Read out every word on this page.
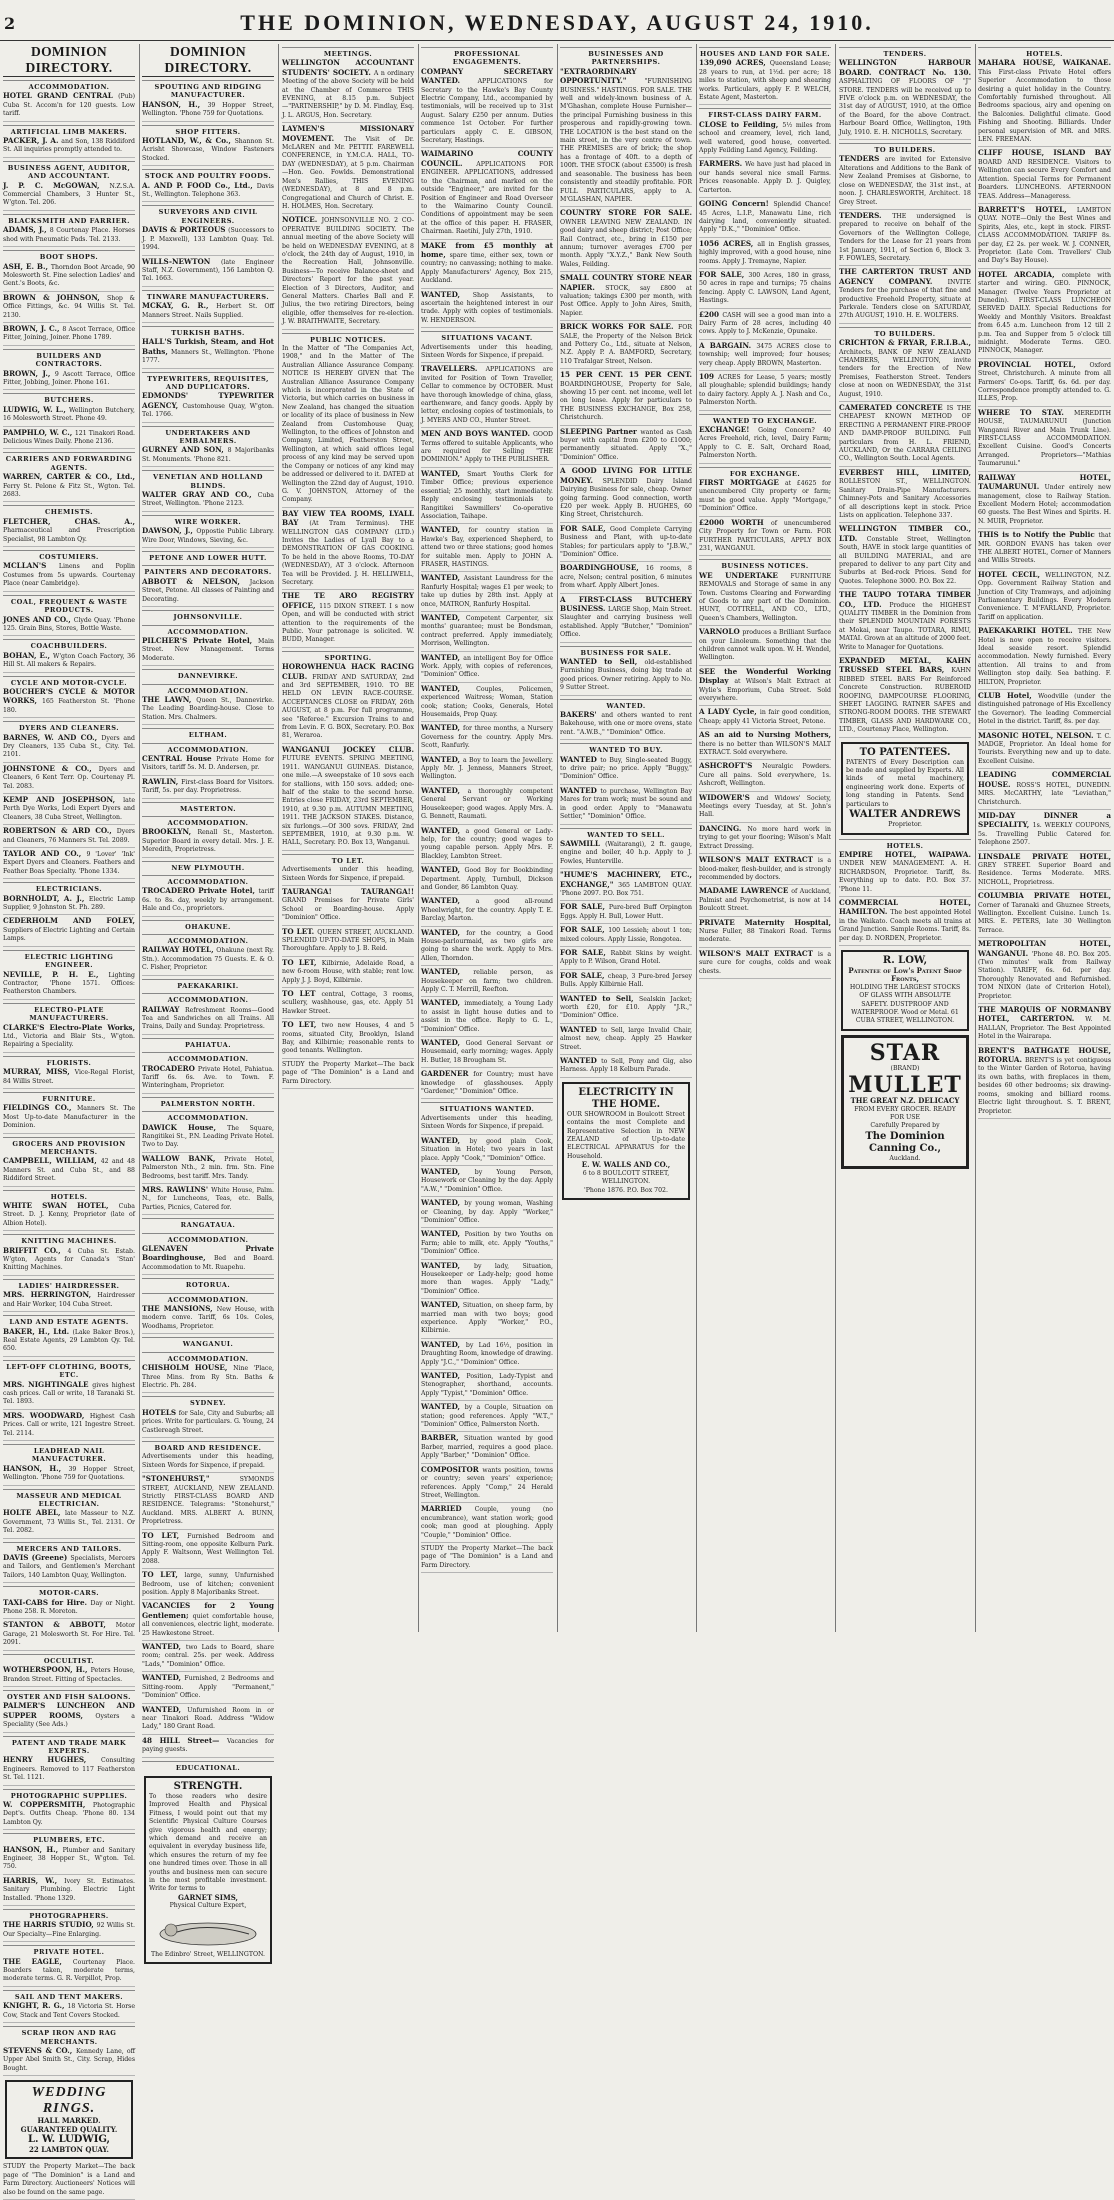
2	THE DOMINION, WEDNESDAY, AUGUST 24, 1910.
DOMINION DIRECTORY.
ACCOMMODATION.
HOTEL GRAND CENTRAL (Pub) Cuba St. Accom'n for 120 guests. Low tariff.
ARTIFICIAL LIMB MAKERS.
PACKER, J. A. and Son, 138 Riddiford St. All inquiries promptly attended to.
BUSINESS AGENT, AUDITOR, AND ACCOUNTANT.
J. P. C. McGOWAN, N.Z.S.A. Commercial Chambers, 3 Hunter St., W'gton. Tel. 206.
BLACKSMITH AND FARRIER.
ADAMS, J., 8 Courtenay Place. Horses shod with Pneumatic Pads. Tel. 2133.
BOOT SHOPS.
ASH, E. B., Thorndon Boot Arcade, 90 Molesworth St. Fine selection Ladies' and Gent.'s Boots, &c.
BROWN & JOHNSON, Shop & Office Fittings, &c. 94 Willis St. Tel. 2130.
BROWN, J. C., 8 Ascot Terrace, Office Fitter, Joining, Joiner. Phone 1789.
BUILDERS AND CONTRACTORS.
BROWN, J., 9 Ascott Terrace, Office Fitter, Jobbing, Joiner. Phone 161.
BUTCHERS.
LUDWIG, W. L., Wellington Butchery, 16 Molesworth Street. Phone 49.
PAMPHLO, W. C., 121 Tinakori Road. Delicious Wines Daily. Phone 2136.
CARRIERS AND FORWARDING AGENTS.
WARREN, CARTER & CO., Ltd., Ferry St. Pelone & Fitz St., Wgton. Tel. 2683.
CHEMISTS.
FLETCHER, CHAS. A., Pharmaceutical and Prescription Specialist, 98 Lambton Qy.
COSTUMIERS.
MCLLAN'S Linens and Poplin Costumes from 5s upwards. Courtenay Place (near Cambridge).
COAL, FREQUENT & WASTE PRODUCTS.
JONES AND CO., Clyde Quay. 'Phone 125. Grain Bins, Stores, Bottle Waste.
COACHBUILDERS.
BOHAN, E., W'gton Coach Factory, 36 Hill St. All makers & Repairs.
CYCLE AND MOTOR-CYCLE.
BOUCHER'S CYCLE & MOTOR WORKS, 165 Featherston St. 'Phone 180.
DYERS AND CLEANERS.
BARNES, W. AND CO., Dyers and Dry Cleaners, 135 Cuba St., City. Tel. 2101.
JOHNSTONE & CO., Dyers and Cleaners, 6 Kent Terr. Op. Courtenay Pl. Tel. 2083.
KEMP AND JOSEPHSON, late Perth Dye Works, Lodi Expert Dyers and Cleaners, 38 Cuba Street, Wellington.
ROBERTSON & ARD CO., Dyers and Cleaners, 76 Manners St. Tel. 2089.
TAYLOR AND CO., 9 'Lover' 'Ink' Expert Dyers and Cleaners. Feathers and Feather Boas Specialty. 'Phone 1334.
ELECTRICIANS.
BORNHOLDT, A. J., Electric Lamp Supplier, 9 Johnston St. Ph. 289.
CEDERHOLM AND FOLEY, Suppliers of Electric Lighting and Certain Lamps.
ELECTRIC LIGHTING ENGINEER.
NEVILLE, P. H. E., Lighting Contractor, 'Phone 1571. Offices: Featherston Chambers.
ELECTRO-PLATE MANUFACTURERS.
CLARKE'S Electro-Plate Works, Ltd., Victoria and Blair Sts., W'gton. Repairing a Speciality.
FLORISTS.
MURRAY, MISS, Vice-Regal Florist, 84 Willis Street.
FURNITURE.
FIELDINGS CO., Manners St. The Most Up-to-date Manufacturer in the Dominion.
GROCERS AND PROVISION MERCHANTS.
CAMPBELL, WILLIAM, 42 and 48 Manners St. and Cuba St., and 88 Riddiford Street.
HOTELS.
WHITE SWAN HOTEL, Cuba Street. D. J. Kenny, Proprietor (late of Albion Hotel).
KNITTING MACHINES.
BRIFFIT CO., 4 Cuba St. Estab. W'gton, Agents for Canada's 'Stan' Knitting Machines.
LADIES' HAIRDRESSER.
MRS. HERRINGTON, Hairdresser and Hair Worker, 104 Cuba Street.
LAND AND ESTATE AGENTS.
BAKER, H., Ltd. (Lake Baker Bros.), Real Estate Agents, 29 Lambton Qy. Tel. 650.
LEFT-OFF CLOTHING, BOOTS, ETC.
MRS. NIGHTINGALE gives highest cash prices. Call or write, 18 Taranaki St. Tel. 1893.
MRS. WOODWARD, Highest Cash Prices. Call or write, 121 Ingestre Street. Tel. 2114.
LEADHEAD NAIL MANUFACTURER.
HANSON, H., 39 Hopper Street, Wellington. 'Phone 759 for Quotations.
MASSEUR AND MEDICAL ELECTRICIAN.
HOLTE ABEL, late Masseur to N.Z. Government, 73 Willis St., Tel. 2131. Or Tel. 2082.
MERCERS AND TAILORS.
DAVIS (Greene) Specialists, Mercers and Tailors, and Gentlemen's Merchant Tailors, 140 Lambton Quay, Wellington.
MOTOR-CARS.
TAXI-CABS for Hire. Day or Night. Phone 258. R. Moreton.
STANTON & ABBOTT, Motor Garage, 21 Molesworth St. For Hire. Tel. 2091.
OCCULTIST.
WOTHERSPOON, H., Peters House, Brandon Street. Fitting of Spectacles.
OYSTER AND FISH SALOONS.
PALMER'S LUNCHEON AND SUPPER ROOMS, Oysters a Speciality (See Ads.)
PATENT AND TRADE MARK EXPERTS.
HENRY HUGHES, Consulting Engineers. Removed to 117 Featherston St. Tel. 1121.
PHOTOGRAPHIC SUPPLIES.
W. COPPERSMITH, Photographic Dept's. Outfits Cheap. 'Phone 80. 134 Lambton Qy.
PLUMBERS, ETC.
HANSON, H., Plumber and Sanitary Engineer, 38 Hopper St., W'gton. Tel. 750.
HARRIS, W., Ivory St. Estimates. Sanitary Plumbing. Electric Light Installed. 'Phone 1329.
PHOTOGRAPHERS.
THE HARRIS STUDIO, 92 Willis St. Our Specialty—Fine Enlarging.
PRIVATE HOTEL.
THE EAGLE, Courtenay Place. Boarders taken, moderate terms, moderate terms. G. R. Verpillot, Prop.
SAIL AND TENT MAKERS.
KNIGHT, R. G., 18 Victoria St. Horse Cow, Stack and Tent Covers Stocked.
SCRAP IRON AND RAG MERCHANTS.
STEVENS & CO., Kennedy Lane, off Upper Abel Smith St., City. Scrap, Hides Bought.
WEDDING RINGS.
HALL MARKED.
GUARANTEED QUALITY.
L. W. LUDWIG,
22 LAMBTON QUAY.
STUDY the Property Market—The back page of "The Dominion" is a Land and Farm Directory. Auctioneers' Notices will also be found on the same page.
DOMINION DIRECTORY.
SPOUTING AND RIDGING MANUFACTURER.
HANSON, H., 39 Hopper Street, Wellington. 'Phone 759 for Quotations.
SHOP FITTERS.
HOTLAND, W., & Co., Shannon St. Acrisht Showcase, Window Fasteners Stocked.
STOCK AND POULTRY FOODS.
A. AND P. FOOD Co., Ltd., Davis St., Wellington. Telephone 363.
SURVEYORS AND CIVIL ENGINEERS.
DAVIS & PORTEOUS (Successors to J. P. Maxwell), 133 Lambton Quay. Tel. 1994.
WILLS-NEWTON (late Engineer Staff, N.Z. Government), 156 Lambton Q. Tel. 1663.
TINWARE MANUFACTURERS.
MCKAY, G. R., Herbert St. Off Manners Street. Nails Supplied.
TURKISH BATHS.
HALL'S Turkish, Steam, and Hot Baths, Manners St., Wellington. 'Phone 1777.
TYPEWRITERS, REQUISITES, AND DUPLICATORS.
EDMONDS' TYPEWRITER AGENCY, Customhouse Quay, W'gton. Tel. 1766.
UNDERTAKERS AND EMBALMERS.
GURNEY AND SON, 8 Majoribanks St. Monuments. 'Phone 821.
VENETIAN AND HOLLAND BLINDS.
WALTER GRAY AND CO., Cuba Street, Wellington. 'Phone 2123.
WIRE WORKER.
DAWSON, J., Oppostie Public Library. Wire Door, Windows, Sieving, &c.
PETONE AND LOWER HUTT.
PAINTERS AND DECORATORS.
ABBOTT & NELSON, Jackson Street, Petone. All classes of Painting and Decorating.
JOHNSONVILLE.
ACCOMMODATION.
PILCHER'S Private Hotel, Main Street. New Management. Terms Moderate.
DANNEVIRKE.
ACCOMMODATION.
THE LAWN, Queen St., Dannevirke. The Leading Boarding-house. Close to Station. Mrs. Chalmers.
ELTHAM.
ACCOMMODATION.
CENTRAL House Private Home for Visitors, tariff 5s. M. D. Andersen, pr.
RAWLIN, First-class Board for Visitors. Tariff, 5s. per day. Proprietress.
MASTERTON.
ACCOMMODATION.
BROOKLYN, Renall St., Masterton. Superior Board in every detail. Mrs. J. E. Meredith, Proprietress.
NEW PLYMOUTH.
ACCOMMODATION.
TROCADERO Private Hotel, tariff 6s. to 8s. day, weekly by arrangement. Hale and Co., proprietors.
OHAKUNE.
ACCOMMODATION.
RAILWAY HOTEL, Ohakune (next Ry. Stn.). Accommodation 75 Guests. E. & O. C. Fisher, Proprietor.
PAEKAKARIKI.
ACCOMMODATION.
RAILWAY Refreshment Rooms—Good Tea and Sandwiches on all Trains. All Trains, Daily and Sunday. Proprietress.
PAHIATUA.
ACCOMMODATION.
TROCADERO Private Hotel, Pahiatua. Tariff 6s. 6s. Ave. to Town. F. Winteringham, Proprietor.
PALMERSTON NORTH.
ACCOMMODATION.
DAWICK House, The Square, Rangitikei St., P.N. Leading Private Hotel. Two to Day.
WALLOW BANK, Private Hotel, Palmerston Nth., 2 min. frm. Stn. Fine Bedrooms, best tariff. Mrs. Tandy.
MRS. RAWLINS' White House, Palm. N., for Luncheons, Teas, etc. Balls, Parties, Picnics, Catered for.
RANGATAUA.
ACCOMMODATION.
GLENAVEN Private Boardinghouse, Bed and Board. Accommodation to Mt. Ruapehu.
ROTORUA.
ACCOMMODATION.
THE MANSIONS, New House, with modern conve. Tariff, 6s 10s. Coles, Woodhams, Proprietor.
WANGANUI.
ACCOMMODATION.
CHISHOLM HOUSE, Nine 'Place, Three Mins. from Ry Stn. Baths & Electric. Ph. 284.
SYDNEY.
HOTELS for Sale, City and Suburbs; all prices. Write for particulars. G. Young, 24 Castlereagh Street.
BOARD AND RESIDENCE.
Advertisements under this heading, Sixteen Words for Sixpence, if prepaid.
"STONEHURST," SYMONDS STREET, AUCKLAND, NEW ZEALAND. Strictly FIRST-CLASS BOARD AND RESIDENCE. Telegrams: "Stonehurst," Auckland. MRS. ALBERT A. BUNN, Proprietress.
TO LET, Furnished Bedroom and Sitting-room, one opposite Kelburn Park. Apply F. Waltsonn, West Wellington Tel. 2088.
TO LET, large, sunny, Unfurnished Bedroom, use of kitchen; convenient position. Apply 8 Majoribanks Street.
VACANCIES for 2 Young Gentlemen; quiet comfortable house, all conveniences, electric light, moderate. 25 Hawkestone Street.
WANTED, two Lads to Board, share room; central. 25s. per week. Address "Lads," "Dominion" Office.
WANTED, Furnished, 2 Bedrooms and Sitting-room. Apply "Permanent," "Dominion" Office.
WANTED, Unfurnished Room in or near Tinakori Road. Address "Widow Lady," 180 Grant Road.
48 HILL Street— Vacancies for paying guests.
EDUCATIONAL.
STRENGTH.
To those readers who desire Improved Health and Physical Fitness, I would point out that my Scientific Physical Culture Courses give vigorous health and energy; which demand and receive an equivalent in everyday business life, which ensures the return of my fee one hundred times over. Those in all youths and business men can secure in the most profitable investment. Write for terms to
GARNET SIMS,
Physical Culture Expert,
The Edinbro' Street, WELLINGTON.
MEETINGS.
WELLINGTON ACCOUNTANT STUDENTS' SOCIETY. A n ordinary Meeting of the above Society will be held at the Chamber of Commerce THIS EVENING, at 8.15 p.m. Subject—"PARTNERSHIP," by D. M. Findlay, Esq. J. L. ARGUS, Hon. Secretary.
LAYMEN'S MISSIONARY MOVEMENT. The Visit of Dr. McLAREN and Mr. PETTIT. FAREWELL CONFERENCE, in Y.M.C.A. HALL, TO-DAY (WEDNESDAY), at 5 p.m. Chairman—Hon. Geo. Fowlds. Demonstrational Men's Rallies, THIS EVENING (WEDNESDAY), at 8 and 8 p.m. Congregational and Church of Christ. E. H. HOLMES, Hon. Secretary.
NOTICE. JOHNSONVILLE NO. 2 CO-OPERATIVE BUILDING SOCIETY. The annual meeting of the above Society will be held on WEDNESDAY EVENING, at 8 o'clock, the 24th day of August, 1910, in the Recreation Hall, Johnsonville. Business—To receive Balance-sheet and Directors' Report for the past year. Election of 3 Directors, Auditor, and General Matters. Charles Ball and F. Julius, the two retiring Directors, being eligible, offer themselves for re-election. J. W. BRAITHWAITE, Secretary.
PUBLIC NOTICES.
In the Matter of "The Companies Act, 1908," and In the Matter of The Australian Alliance Assurance Company. NOTICE IS HEREBY GIVEN that The Australian Alliance Assurance Company which is incorporated in the State of Victoria, but which carries on business in New Zealand, has changed the situation or locality of its place of business in New Zealand from Customhouse Quay, Wellington, to the offices of Johnston and Company, Limited, Featherston Street, Wellington, at which said offices legal process of any kind may be served upon the Company or notices of any kind may be addressed or delivered to it. DATED at Wellington the 22nd day of August, 1910. G. V. JOHNSTON, Attorney of the Company.
BAY VIEW TEA ROOMS, LYALL BAY (At Tram Terminus). THE WELLINGTON GAS COMPANY (LTD.) Invites the Ladies of Lyall Bay to a DEMONSTRATION OF GAS COOKING. To be held in the above Rooms, TO-DAY (WEDNESDAY), AT 3 o'clock. Afternoon Tea will be Provided. J. H. HELLIWELL, Secretary.
THE TE ARO REGISTRY OFFICE, 115 DIXON STREET. I s now Open, and will be conducted with strict attention to the requirements of the Public. Your patronage is solicited. W. BUDD, Manager.
SPORTING.
HOROWHENUA HACK RACING CLUB. FRIDAY AND SATURDAY, 2nd and 3rd SEPTEMBER, 1910. TO BE HELD ON LEVIN RACE-COURSE. ACCEPTANCES CLOSE on FRIDAY, 26th AUGUST, at 8 p.m. For full programme, see "Referee." Excursion Trains to and from Levin. F. G. BOX, Secretary. P.O. Box 81, Weraroa.
WANGANUI JOCKEY CLUB. FUTURE EVENTS. SPRING MEETING, 1911. WANGANUI GUINEAS. Distance, one mile.—A sweepstake of 10 sovs each for stallions, with 150 sovs. added; one-half of the stake to the second horse. Entries close FRIDAY, 23rd SEPTEMBER, 1910, at 9.30 p.m. AUTUMN MEETING, 1911. THE JACKSON STAKES. Distance, six furlongs.—Of 300 sovs. FRIDAY, 2nd SEPTEMBER, 1910, at 9.30 p.m. W. HALL, Secretary. P.O. Box 13, Wanganui.
TO LET.
Advertisements under this heading, Sixteen Words for Sixpence, if prepaid.
TAURANGA! TAURANGA!! GRAND Premises for Private Girls' School or Boarding-house. Apply "Dominion" Office.
TO LET. QUEEN STREET, AUCKLAND. SPLENDID UP-TO-DATE SHOPS, in Main Thoroughfare. Apply to J. B. Reid.
TO LET, Kilbirnie, Adelaide Road, a new 6-room House, with stable; rent low. Apply J. J. Boyd, Kilbirnie.
TO LET central, Cottage, 3 rooms, scullery, washhouse, gas, etc. Apply 51 Hawker Street.
TO LET, two new Houses, 4 and 5 rooms, situated City, Brooklyn, Island Bay, and Kilbirnie; reasonable rents to good tenants. Wellington.
STUDY the Property Market—The back page of "The Dominion" is a Land and Farm Directory.
PROFESSIONAL ENGAGEMENTS.
COMPANY SECRETARY WANTED. APPLICATIONS for Secretary to the Hawke's Bay County Electric Company, Ltd., accompanied by testimonials, will be received up to 31st August. Salary £250 per annum. Duties commence 1st October. For further particulars apply C. E. GIBSON, Secretary, Hastings.
WAIMARINO COUNTY COUNCIL. APPLICATIONS FOR ENGINEER. APPLICATIONS, addressed to the Chairman, and marked on the outside "Engineer," are invited for the Position of Engineer and Road Overseer to the Waimarino County Council. Conditions of appointment may be seen at the office of this paper. H. FRASER, Chairman. Raetihi, July 27th, 1910.
MAKE from £5 monthly at home, spare time, either sex, town or country; no canvassing; nothing to make. Apply Manufacturers' Agency, Box 215, Auckland.
WANTED, Shop Assistants, to ascertain the heightened interest in our trade. Apply with copies of testimonials. W. HENDERSON.
SITUATIONS VACANT.
Advertisements under this heading, Sixteen Words for Sixpence, if prepaid.
TRAVELLERS. APPLICATIONS are invited for Position of Town Traveller, Cellar to commence by OCTOBER. Must have thorough knowledge of china, glass, earthenware, and fancy goods. Apply by letter, enclosing copies of testimonials, to J. MYERS AND CO., Hunter Street.
MEN AND BOYS WANTED. GOOD Terms offered to suitable Applicants, who are required for Selling "THE DOMINION." Apply to THE PUBLISHER.
WANTED, Smart Youths Clerk for Timber Office; previous experience essential; 25 monthly, start immediately. Reply enclosing testimonials to Rangitikei Sawmillers' Co-operative Association, Taihape.
WANTED, for country station in Hawke's Bay, experienced Shepherd, to attend two or three stations; good homes for suitable men. Apply to JOHN A. FRASER, HASTINGS.
WANTED, Assistant Laundress for the Ranfurly Hospital; wages £1 per week; to take up duties by 28th inst. Apply at once, MATRON, Ranfurly Hospital.
WANTED, Competent Carpenter, six months' guarantee; must be Bondsman, contract preferred. Apply immediately, Morrison, Wellington.
WANTED, an intelligent Boy for Office Work. Apply, with copies of references, "Dominion" Office.
WANTED, Couples, Policemen, experienced Waitress; Woman, Station cook; station; Cooks, Generals, Hotel Housemaids, Prop Quay.
WANTED, for three months, a Nursery Governess for the country. Apply Mrs. Scott, Ranfurly.
WANTED, a Boy to learn the Jewellery. Apply Mr. J. Jenness, Manners Street, Wellington.
WANTED, a thoroughly competent General Servant or Working Housekeeper; good wages. Apply Mrs. A. G. Bennett, Raumati.
WANTED, a good General or Lady-help, for the country; good wages to young capable person. Apply Mrs. F. Blackley, Lambton Street.
WANTED, Good Boy for Bookbinding Department. Apply, Turnbull, Dickson and Gonder, 86 Lambton Quay.
WANTED, a good all-round Wheelwright, for the country. Apply T. E. Barclay, Marton.
WANTED, for the country, a Good House-parlourmaid, as two girls are going to share the work. Apply to Mrs. Allen, Thorndon.
WANTED, reliable person, as Housekeeper on farm; two children. Apply C. T. Merrill, Reefton.
WANTED, immediately, a Young Lady to assist in light house duties and to assist in the office. Reply to G. L., "Dominion" Office.
WANTED, Good General Servant or Housemaid, early morning; wages. Apply H. Butler, 18 Brougham St.
GARDENER for Country; must have knowledge of glasshouses. Apply "Gardener," "Dominion" Office.
SITUATIONS WANTED.
Advertisements under this heading, Sixteen Words for Sixpence, if prepaid.
WANTED, by good plain Cook, Situation in Hotel; two years in last place. Apply "Cook," "Dominion" Office.
WANTED, by Young Person, Housework or Cleaning by the day. Apply "A.W.," "Dominion" Office.
WANTED, by young woman, Washing or Cleaning, by day. Apply "Worker," "Dominion" Office.
WANTED, Position by two Youths on Farm; able to milk, etc. Apply "Youths," "Dominion" Office.
WANTED, by lady, Situation, Housekeeper or Lady-help; good home more than wages. Apply "Lady," "Dominion" Office.
WANTED, Situation, on sheep farm, by married man with two boys; good experience. Apply "Worker," P.O., Kilbirnie.
WANTED, by Lad 16½, position in Draughting Room, knowledge of drawing. Apply "J.C.," "Dominion" Office.
WANTED, Position, Lady-Typist and Stenographer, shorthand, accounts. Apply "Typist," "Dominion" Office.
WANTED, by a Couple, Situation on station; good references. Apply "W.T.," "Dominion" Office, Palmerston North.
BARBER, Situation wanted by good Barber, married, requires a good place. Apply "Barber," "Dominion" Office.
COMPOSITOR wants position, towns or country; seven years' experience; references. Apply "Comp," 24 Herald Street, Wellington.
MARRIED Couple, young (no encumbrance), want station work; good cook; man good at ploughing. Apply "Couple," "Dominion" Office.
STUDY the Property Market—The back page of "The Dominion" is a Land and Farm Directory.
BUSINESSES AND PARTNERSHIPS.
"EXTRAORDINARY OPPORTUNITY." "FURNISHING BUSINESS." HASTINGS. FOR SALE. THE well and widely-known business of A. M'Ghashan, complete House Furnisher—the principal Furnishing business in this prosperous and rapidly-growing town. THE LOCATION is the best stand on the main street, in the very centre of town. THE PREMISES are of brick; the shop has a frontage of 40ft. to a depth of 100ft. THE STOCK (about £3500) is fresh and seasonable. The business has been consistently and steadily profitable. FOR FULL PARTICULARS, apply to A. M'GLASHAN, NAPIER.
COUNTRY STORE FOR SALE. OWNER LEAVING NEW ZEALAND. IN good dairy and sheep district; Post Office; Rail Contract, etc., bring in £150 per annum; turnover averages £700 per month. Apply "X.Y.Z.," Bank New South Wales, Feilding.
SMALL COUNTRY STORE NEAR NAPIER. STOCK, say £800 at valuation; takings £300 per month, with Post Office. Apply to John Aires, Smith, Napier.
BRICK WORKS FOR SALE. FOR SALE, the Property of the Nelson Brick and Pottery Co., Ltd., situate at Nelson, N.Z. Apply P. A. BAMFORD, Secretary, 110 Trafalgar Street, Nelson.
15 PER CENT. 15 PER CENT. BOARDINGHOUSE, Property for Sale, showing 15 per cent. net income, well let on long lease. Apply for particulars to THE BUSINESS EXCHANGE, Box 258, Christchurch.
SLEEPING Partner wanted as Cash buyer with capital from £200 to £1000; permanently situated. Apply "X.," "Dominion" Office.
A GOOD LIVING FOR LITTLE MONEY. SPLENDID Dairy Island Dairying Business for sale, cheap. Owner going farming. Good connection, worth £20 per week. Apply B. HUGHES, 60 King Street, Christchurch.
FOR SALE, Good Complete Carrying Business and Plant, with up-to-date Stables; for particulars apply to "J.B.W.," "Dominion" Office.
BOARDINGHOUSE, 16 rooms, 8 acre, Nelson; central position, 6 minutes from wharf. Apply Albert Jones.
A FIRST-CLASS BUTCHERY BUSINESS. LARGE Shop, Main Street. Slaughter and carrying business well established. Apply "Butcher," "Dominion" Office.
BUSINESS FOR SALE.
WANTED to Sell, old-established Furnishing Business, doing big trade at good prices. Owner retiring. Apply to No. 9 Sutter Street.
WANTED.
BAKERS' and others wanted to rent Bakehouse, with one or more ovens, state rent. "A.W.B.," "Dominion" Office.
WANTED TO BUY.
WANTED to Buy, Single-seated Buggy, to drive pair; no price. Apply "Buggy," "Dominion" Office.
WANTED to purchase, Wellington Bay Mares for tram work; must be sound and in good order. Apply to "Manawatu Settler," "Dominion" Office.
WANTED TO SELL.
SAWMILL (Waitarangi), 2 ft. gauge, engine and boiler, 40 h.p. Apply to J. Fowles, Hunterville.
"HUME'S MACHINERY, ETC., EXCHANGE," 365 LAMBTON QUAY. 'Phone 2097. P.O. Box 751.
FOR SALE, Pure-bred Buff Orpington Eggs. Apply H. Bull, Lower Hutt.
FOR SALE, 100 Lessieh; about 1 ton; mixed colours. Apply Lissie, Rongotea.
FOR SALE, Rabbit Skins by weight. Apply to P. Wilson, Grand Hotel.
FOR SALE, cheap, 3 Pure-bred Jersey Bulls. Apply Kilbirnie Hall.
WANTED to Sell, Sealskin Jacket; worth £20, for £10. Apply "J.R.," "Dominion" Office.
WANTED to Sell, large Invalid Chair, almost new, cheap. Apply 25 Hawker Street.
WANTED to Sell, Pony and Gig, also Harness. Apply 18 Kelburn Parade.
ELECTRICITY IN THE HOME.
OUR SHOWROOM in Boulcott Street contains the most Complete and Representative Selection in NEW ZEALAND of Up-to-date ELECTRICAL APPARATUS for the Household.
E. W. WALLS AND CO.,
6 to 8 BOULCOTT STREET, WELLINGTON.
'Phone 1876. P.O. Box 702.
HOUSES AND LAND FOR SALE.
139,090 ACRES, Queensland Lease; 28 years to run, at 1½d. per acre; 18 miles to station, with sheep and shearing works. Particulars, apply F. P. WELCH, Estate Agent, Masterton.
FIRST-CLASS DAIRY FARM.
CLOSE to Feilding, 5½ miles from school and creamery, level, rich land, well watered, good house, converted. Apply Feilding Land Agency, Feilding.
FARMERS. We have just had placed in our hands several nice small Farms. Prices reasonable. Apply D. J. Quigley, Carterton.
GOING Concern! Splendid Chance! 45 Acres, L.I.P., Manawatu Line, rich dairying land, conveniently situated. Apply "D.K.," "Dominion" Office.
1056 ACRES, all in English grasses, highly improved, with a good house, nine rooms. Apply J. Tremayne, Napier.
FOR SALE, 300 Acres, 180 in grass, 50 acres in rape and turnips; 75 chains fencing. Apply C. LAWSON, Land Agent, Hastings.
£200 CASH will see a good man into a Dairy Farm of 28 acres, including 40 cows. Apply to J. McKenzie, Opunake.
A BARGAIN. 3475 ACRES close to township; well improved; four houses; very cheap. Apply BROWN, Masterton.
109 ACRES for Lease, 5 years; mostly all ploughable; splendid buildings; handy to dairy factory. Apply A. J. Nash and Co., Palmerston North.
WANTED TO EXCHANGE.
EXCHANGE! Going Concern? 40 Acres Freehold, rich, level, Dairy Farm; Apply to C. E. Salt, Orchard Road, Palmerston North.
FOR EXCHANGE.
FIRST MORTGAGE at £4625 for unencumbered City property or farm; must be good value. Apply "Mortgage," "Dominion" Office.
£2000 WORTH of unencumbered City Property for Town or Farm. FOR FURTHER PARTICULARS, APPLY BOX 231, WANGANUI.
BUSINESS NOTICES.
WE UNDERTAKE FURNITURE REMOVALS and Storage of same in any Town. Customs Clearing and Forwarding of Goods to any part of the Dominion. HUNT, COTTRELL, AND CO., LTD., Queen's Chambers, Wellington.
VARNOLO produces a Brilliant Surface on your Linoleum. Something that the children cannot walk upon. W. H. Wendel, Wellington.
SEE the Wonderful Working Display at Wilson's Malt Extract at Wylie's Emporium, Cuba Street. Sold everywhere.
A LADY Cycle, in fair good condition, Cheap; apply 41 Victoria Street, Petone.
AS an aid to Nursing Mothers, there is no better than WILSON'S MALT EXTRACT. Sold everywhere.
ASHCROFT'S Neuralgic Powders. Cure all pains. Sold everywhere, 1s. Ashcroft, Wellington.
WIDOWER'S and Widows' Society, Meetings every Tuesday, at St. John's Hall.
DANCING. No more hard work in trying to get your flooring; Wilson's Malt Extract Dressing.
WILSON'S MALT EXTRACT is a blood-maker, flesh-builder, and is strongly recommended by doctors.
MADAME LAWRENCE of Auckland, Palmist and Psychometrist, is now at 14 Boulcott Street.
PRIVATE Maternity Hospital, Nurse Fuller, 88 Tinakori Road. Terms moderate.
WILSON'S MALT EXTRACT is a sure cure for coughs, colds and weak chests.
TENDERS.
WELLINGTON HARBOUR BOARD. CONTRACT No. 130. ASPHALTING OF FLOORS OF "J" STORE. TENDERS will be received up to FIVE o'clock p.m. on WEDNESDAY, the 31st day of AUGUST, 1910, at the Office of the Board, for the above Contract. Harbour Board Office, Wellington, 19th July, 1910. E. H. NICHOLLS, Secretary.
TO BUILDERS.
TENDERS are invited for Extensive Alterations and Additions to the Bank of New Zealand Premises at Gisborne, to close on WEDNESDAY, the 31st inst., at noon. J. CHARLESWORTH, Architect. 18 Grey Street.
TENDERS. THE undersigned is prepared to receive on behalf of the Governors of the Wellington College, Tenders for the Lease for 21 years from 1st January, 1911, of Section 6, Block 3. F. FOWLES, Secretary.
THE CARTERTON TRUST AND AGENCY COMPANY. INVITE Tenders for the purchase of that fine and productive Freehold Property, situate at Parkvale. Tenders close on SATURDAY, 27th AUGUST, 1910. H. E. WOLTERS.
TO BUILDERS.
CRICHTON & FRYAR, F.R.I.B.A., Architects, BANK OF NEW ZEALAND CHAMBERS, WELLINGTON, invite tenders for the Erection of New Premises, Featherston Street. Tenders close at noon on WEDNESDAY, the 31st August, 1910.
CAMERATED CONCRETE IS THE CHEAPEST KNOWN METHOD OF ERECTING A PERMANENT FIRE-PROOF AND DAMP-PROOF BUILDING. Full particulars from H. L. FRIEND, AUCKLAND, Or the CARRARA CEILING CO., Wellington South. Local Agents.
EVERBEST HILL, LIMITED, ROLLESTON ST., WELLINGTON. Sanitary Drain-Pipe Manufacturers. Chimney-Pots and Sanitary Accessories of all descriptions kept in stock. Price Lists on application. Telephone 337.
WELLINGTON TIMBER CO., LTD. Constable Street, Wellington South, HAVE in stock large quantities of all BUILDING MATERIAL, and are prepared to deliver to any part City and Suburbs at Bed-rock Prices. Send for Quotes. Telephone 3000. P.O. Box 22.
THE TAUPO TOTARA TIMBER CO., LTD. Produce the HIGHEST QUALITY TIMBER in the Dominion from their SPLENDID MOUNTAIN FORESTS at Mokai, near Taupo. TOTARA, RIMU, MATAI. Grown at an altitude of 2000 feet. Write to Manager for Quotations.
EXPANDED METAL, KAHN TRUSSED STEEL BARS, KAHN RIBBED STEEL BARS For Reinforced Concrete Construction. RUBEROID ROOFING, DAMPCOURSE FLOORING, SHEET LAGGING. RATNER SAFES and STRONG-ROOM DOORS. THE STEWART TIMBER, GLASS AND HARDWARE CO., LTD., Courtenay Place, Wellington.
TO PATENTEES.
PATENTS of Every Description can be made and supplied by Experts. All kinds of metal machinery, engineering work done. Experts of long standing in Patents. Send particulars to
WALTER ANDREWS
Proprietor.
HOTELS.
EMPIRE HOTEL, WAIPAWA. UNDER NEW MANAGEMENT. A. H. RICHARDSON, Proprietor. Tariff, 8s. Everything up to date. P.O. Box 37. 'Phone 11.
COMMERCIAL HOTEL, HAMILTON. The best appointed Hotel in the Waikato. Coach meets all trains at Grand Junction. Sample Rooms. Tariff, 8s. per day. D. NORDEN, Proprietor.
R. LOW,
Patentee of Low's Patent Shop Fronts,
HOLDING THE LARGEST STOCKS OF GLASS WITH ABSOLUTE SAFETY. DUSTPROOF AND WATERPROOF. Wood or Metal. 61 CUBA STREET, WELLINGTON.
STAR
(BRAND)
MULLET
THE GREAT N.Z. DELICACY
FROM EVERY GROCER. READY FOR USE
Carefully Prepared by
The Dominion Canning Co.,
Auckland.
HOTELS.
MAHARA HOUSE, WAIKANAE. This First-class Private Hotel offers Superior Accommodation to those desiring a quiet holiday in the Country. Comfortably furnished throughout. All Bedrooms spacious, airy and opening on the Balconies. Delightful climate. Good Fishing and Shooting. Billiards. Under personal supervision of MR. and MRS. LEN. FREEMAN.
CLIFF HOUSE, ISLAND BAY BOARD AND RESIDENCE. Visitors to Wellington can secure Every Comfort and Attention. Special Terms for Permanent Boarders. LUNCHEONS. AFTERNOON TEAS. Address—Manageress.
BARRETT'S HOTEL, LAMBTON QUAY. NOTE—Only the Best Wines and Spirits, Ales, etc., kept in stock. FIRST-CLASS ACCOMMODATION. TARIFF 8s. per day, £2 2s. per week. W. J. CONNER, Proprietor. (Late Com. Travellers' Club and Day's Bay House).
HOTEL ARCADIA, complete with starter and wiring. GEO. PINNOCK, Manager. (Twelve Years Proprietor at Dunedin). FIRST-CLASS LUNCHEON SERVED DAILY. Special Reductions for Weekly and Monthly Visitors. Breakfast from 6.45 a.m. Luncheon from 12 till 2 p.m. Tea and Supper from 5 o'clock till midnight. Moderate Terms. GEO. PINNOCK, Manager.
PROVINCIAL HOTEL, Oxford Street, Christchurch. A minute from all Farmers' Co-ops. Tariff, 6s. 6d. per day. Correspondence promptly attended to. G. ILLES, Prop.
WHERE TO STAY. MEREDITH HOUSE, TAUMARUNUI (Junction Wanganui River and Main Trunk Line). FIRST-CLASS ACCOMMODATION. Excellent Cuisine. Good's Concerts Arranged. Proprietors—"Mathias Taumarunui."
RAILWAY HOTEL, TAUMARUNUI. Under entirely new management, close to Railway Station. Excellent Modern Hotel; accommodation 60 guests. The Best Wines and Spirits. H. N. MUIR, Proprietor.
THIS is to Notify the Public that MR. GORDON EVANS has taken over THE ALBERT HOTEL, Corner of Manners and Willis Streets.
HOTEL CECIL, WELLINGTON, N.Z. Opp. Government Railway Station and Junction of City Tramways, and adjoining Parliamentary Buildings. Every Modern Convenience. T. M'FARLAND, Proprietor. Tariff on application.
PAEKAKARIKI HOTEL. THE New Hotel is now open to receive visitors. Ideal seaside resort. Splendid accommodation. Newly furnished. Every attention. All trains to and from Wellington stop daily. Sea bathing. F. HILTON, Proprietor.
CLUB Hotel, Woodville (under the distinguished patronage of His Excellency the Governor). The leading Commercial Hotel in the district. Tariff, 8s. per day.
MASONIC HOTEL, NELSON. T. C. MADGE, Proprietor. An Ideal home for Tourists. Everything new and up to date. Excellent Cuisine.
LEADING COMMERCIAL HOUSE. ROSS'S HOTEL, DUNEDIN. MRS. McCARTHY, late "Leviathan," Christchurch.
MID-DAY DINNER a SPECIALITY, 1s. WEEKLY COUPONS, 5s. Travelling Public Catered for. Telephone 2507.
LINSDALE PRIVATE HOTEL, GREY STREET. Superior Board and Residence. Terms Moderate. MRS. NICHOLL, Proprietress.
COLUMBIA PRIVATE HOTEL, Corner of Taranaki and Ghuznee Streets, Wellington. Excellent Cuisine. Lunch 1s. MRS. E. PETERS, late 30 Wellington Terrace.
METROPOLITAN HOTEL, WANGANUI. 'Phone 48. P.O. Box 205. (Two minutes' walk from Railway Station). TARIFF, 6s. 6d. per day. Thoroughly Renovated and Refurnished. TOM NIXON (late of Criterion Hotel), Proprietor.
THE MARQUIS OF NORMANBY HOTEL, CARTERTON. W. M. HALLAN, Proprietor. The Best Appointed Hotel in the Wairarapa.
BRENT'S BATHGATE HOUSE, ROTORUA. BRENT'S is yet contiguous to the Winter Garden of Rotorua, having its own baths, with fireplaces in them, besides 60 other bedrooms; six drawing-rooms, smoking and billiard rooms. Electric light throughout. S. T. BRENT, Proprietor.
